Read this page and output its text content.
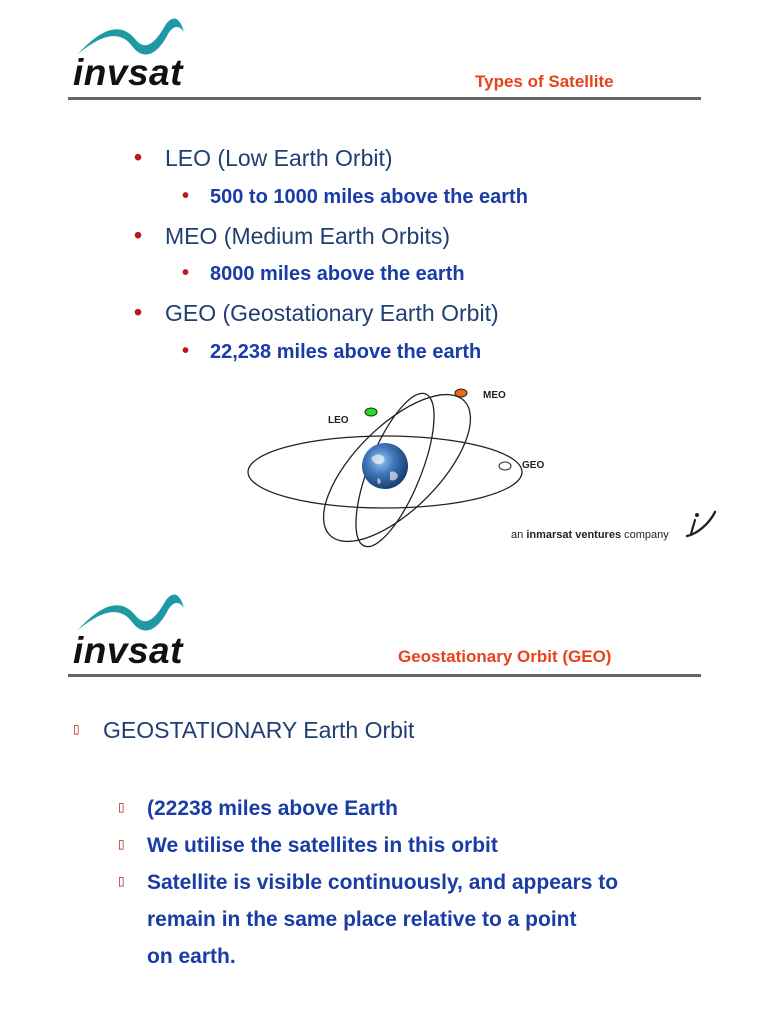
invsat	Types of Satellite
• LEO (Low Earth Orbit)
• 500 to 1000 miles above the earth
• MEO (Medium Earth Orbits)
• 8000 miles above the earth
• GEO (Geostationary Earth Orbit)
• 22,238 miles above the earth
LEO
MEO
GEO
an inmarsat ventures company
invsat	Geostationary Orbit (GEO)
▯ GEOSTATIONARY Earth Orbit
▯ (22238 miles above Earth
▯ We utilise the satellites in this orbit
▯ Satellite is visible continuously, and appears to
remain in the same place relative to a point
on earth.
